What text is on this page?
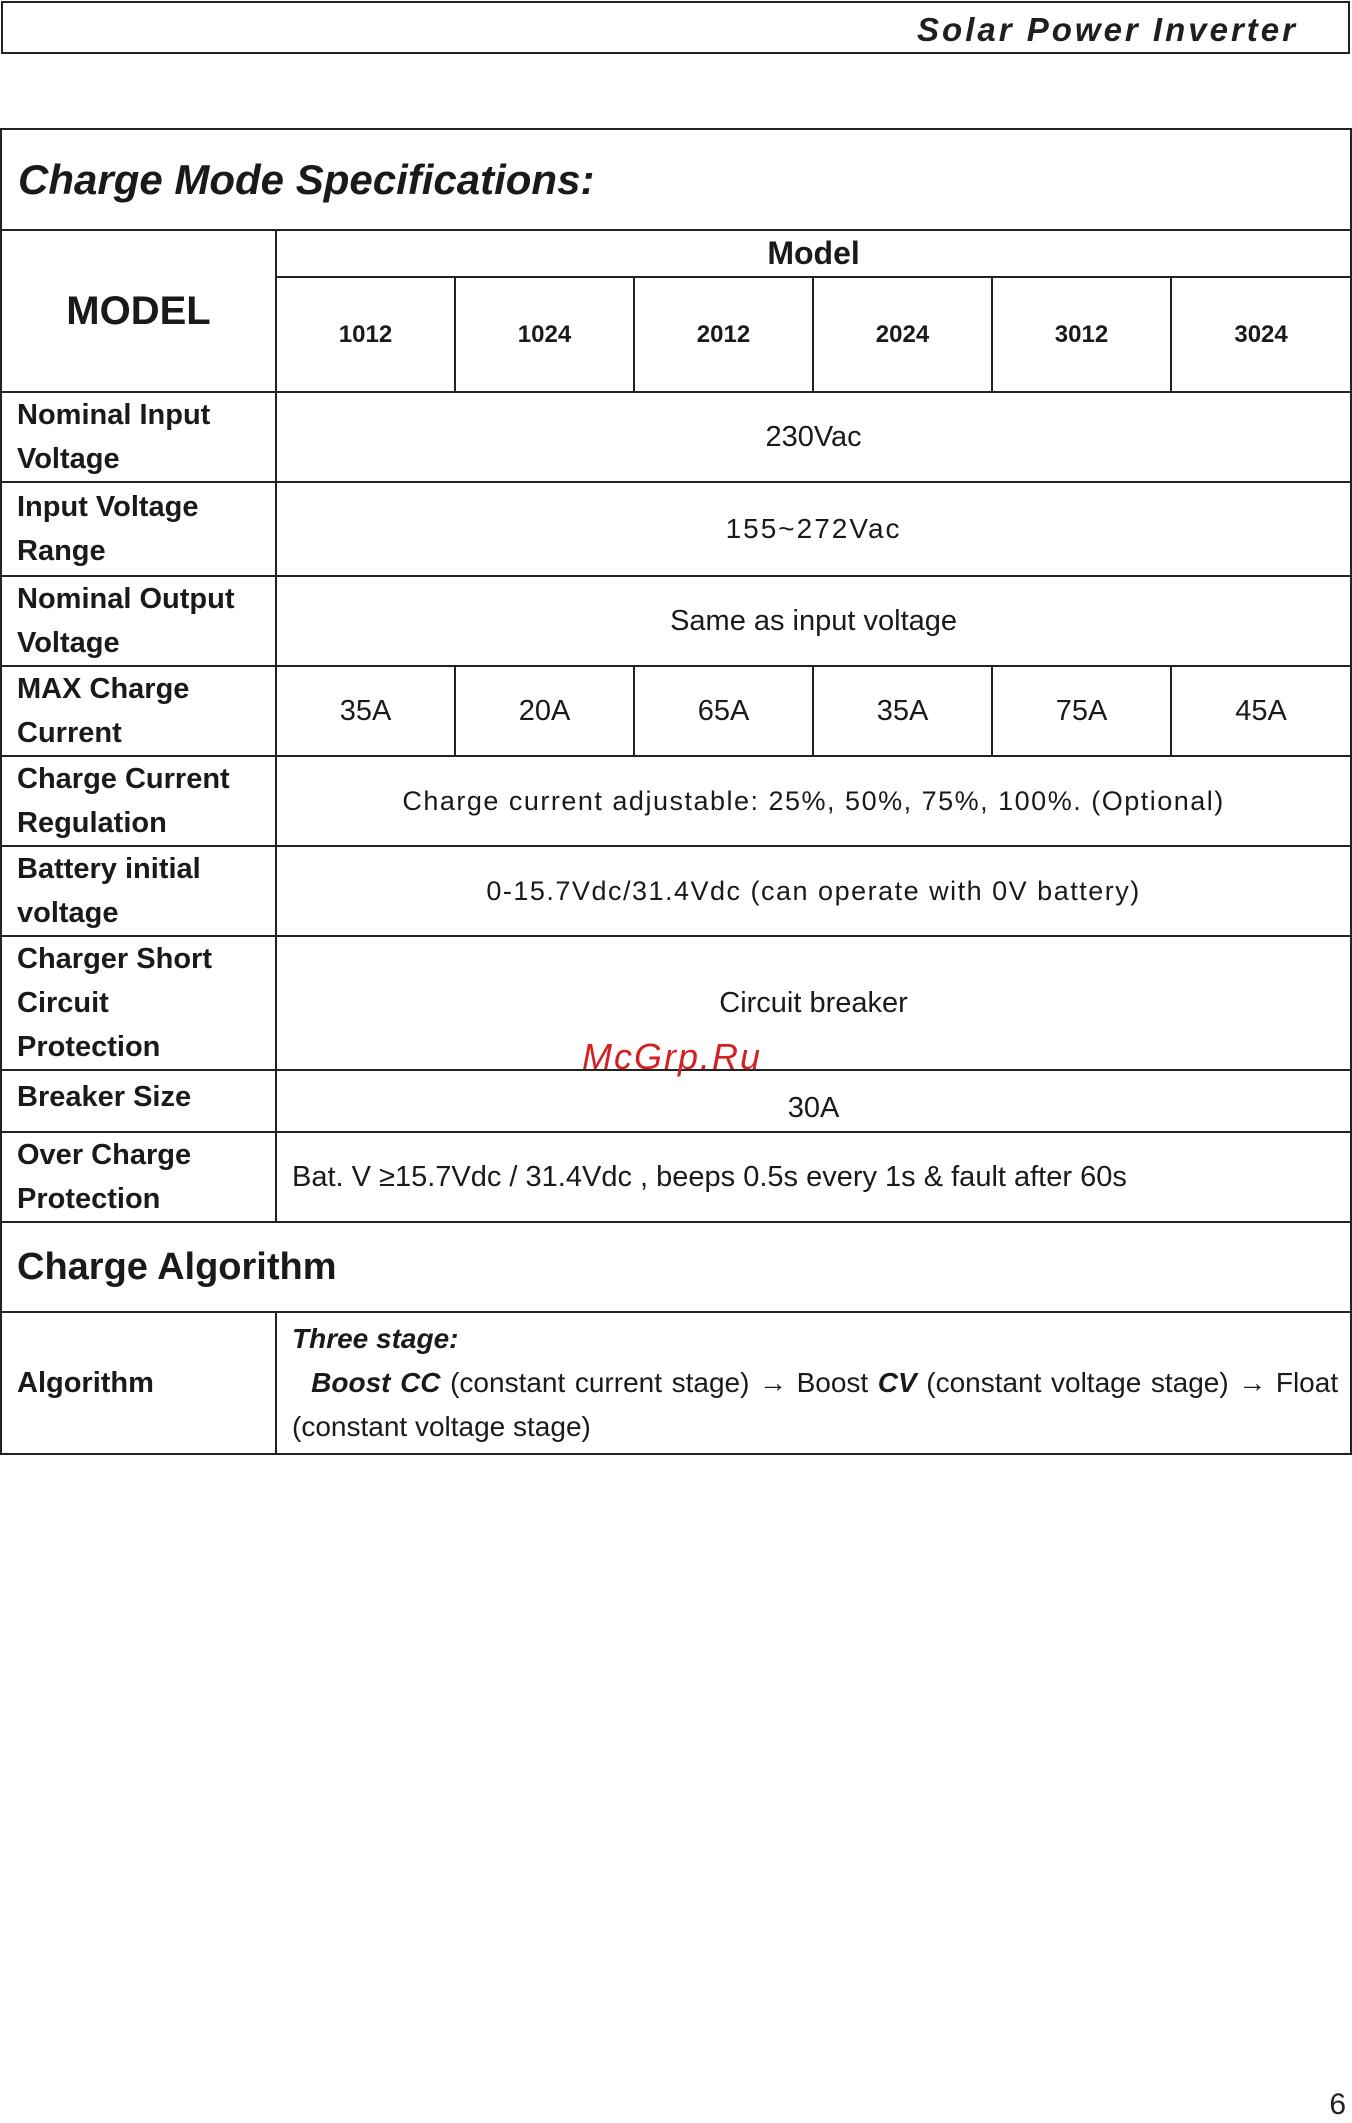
Solar Power Inverter
Charge Mode Specifications:						
MODEL	Model					
	1012	1024	2012	2024	3012	3024

Nominal Input
Voltage	230Vac					

Input Voltage
Range	155~272Vac					

Nominal Output
Voltage	Same as input voltage					

MAX Charge
Current	35A	20A	65A	35A	75A	45A

Charge Current
Regulation	Charge current adjustable: 25%, 50%, 75%, 100%. (Optional)					

Battery initial
voltage	0-15.7Vdc/31.4Vdc (can operate with 0V battery)					

Charger Short
Circuit
Protection	Circuit breaker					
Breaker Size	30A					

Over Charge
Protection	Bat. V ≥15.7Vdc / 31.4Vdc , beeps 0.5s every 1s & fault after 60s					
Charge Algorithm						
Algorithm	Three stage:
Boost CC (constant current stage) → Boost CV (constant voltage stage) → Float (constant voltage stage)					
McGrp.Ru
6
